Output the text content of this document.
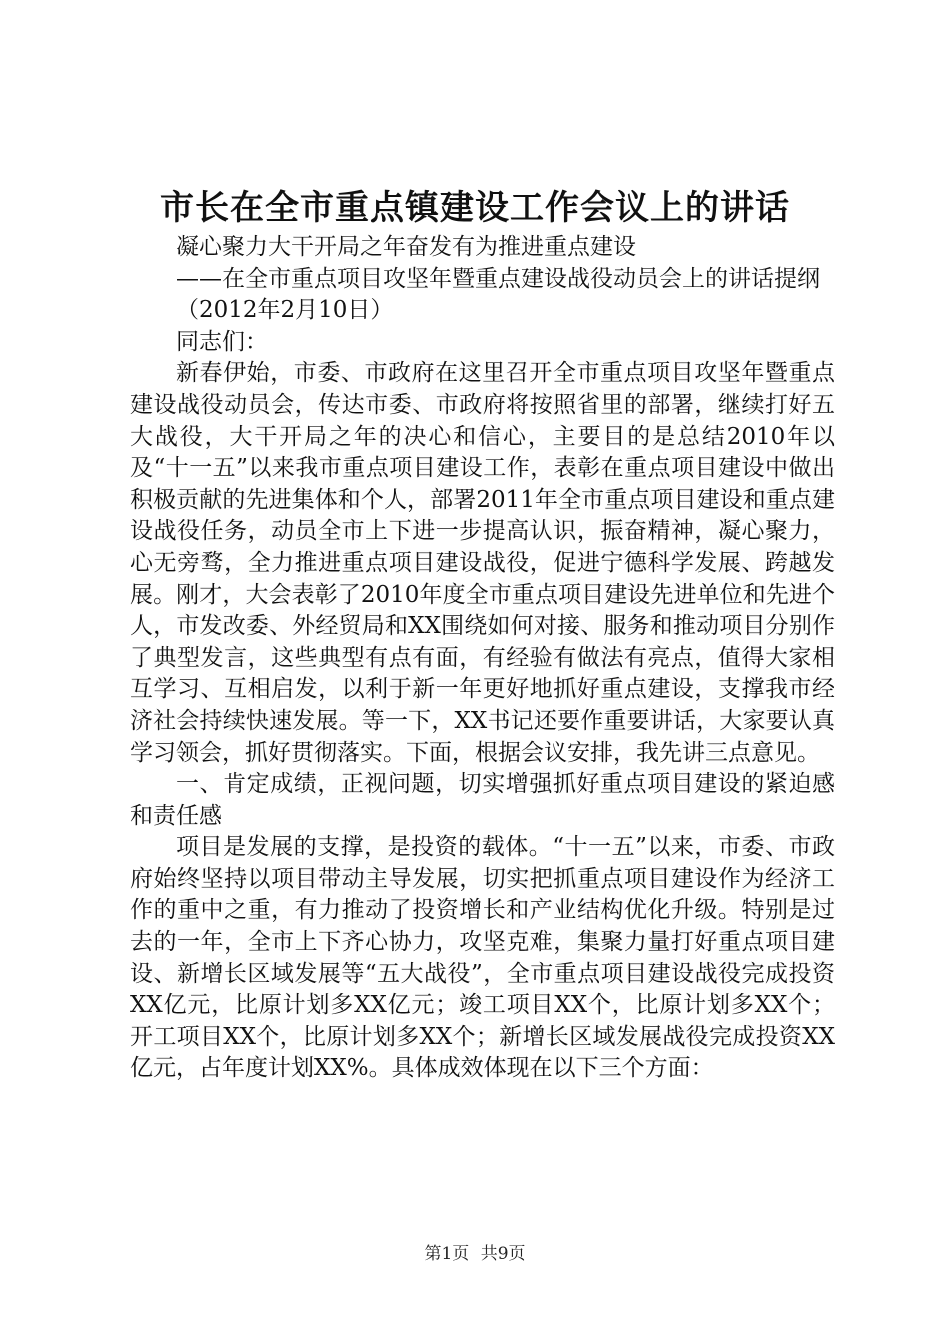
市长在全市重点镇建设工作会议上的讲话

凝心聚力大干开局之年奋发有为推进重点建设

——在全市重点项目攻坚年暨重点建设战役动员会上的讲话提纲

（2012年2月10日）

同志们：

新春伊始，市委、市政府在这里召开全市重点项目攻坚年暨重点建设战役动员会，传达市委、市政府将按照省里的部署，继续打好五大战役，大干开局之年的决心和信心，主要目的是总结2010年以及“十一五”以来我市重点项目建设工作，表彰在重点项目建设中做出积极贡献的先进集体和个人，部署2011年全市重点项目建设和重点建设战役任务，动员全市上下进一步提高认识，振奋精神，凝心聚力，心无旁骛，全力推进重点项目建设战役，促进宁德科学发展、跨越发展。刚才，大会表彰了2010年度全市重点项目建设先进单位和先进个人，市发改委、外经贸局和XX围绕如何对接、服务和推动项目分别作了典型发言，这些典型有点有面，有经验有做法有亮点，值得大家相互学习、互相启发，以利于新一年更好地抓好重点建设，支撑我市经济社会持续快速发展。等一下，XX书记还要作重要讲话，大家要认真学习领会，抓好贯彻落实。下面，根据会议安排，我先讲三点意见。

一、肯定成绩，正视问题，切实增强抓好重点项目建设的紧迫感和责任感

项目是发展的支撑，是投资的载体。“十一五”以来，市委、市政府始终坚持以项目带动主导发展，切实把抓重点项目建设作为经济工作的重中之重，有力推动了投资增长和产业结构优化升级。特别是过去的一年，全市上下齐心协力，攻坚克难，集聚力量打好重点项目建设、新增长区域发展等“五大战役”，全市重点项目建设战役完成投资XX亿元，比原计划多XX亿元；竣工项目XX个，比原计划多XX个；开工项目XX个，比原计划多XX个；新增长区域发展战役完成投资XX亿元，占年度计划XX%。具体成效体现在以下三个方面：

第1页 共9页
